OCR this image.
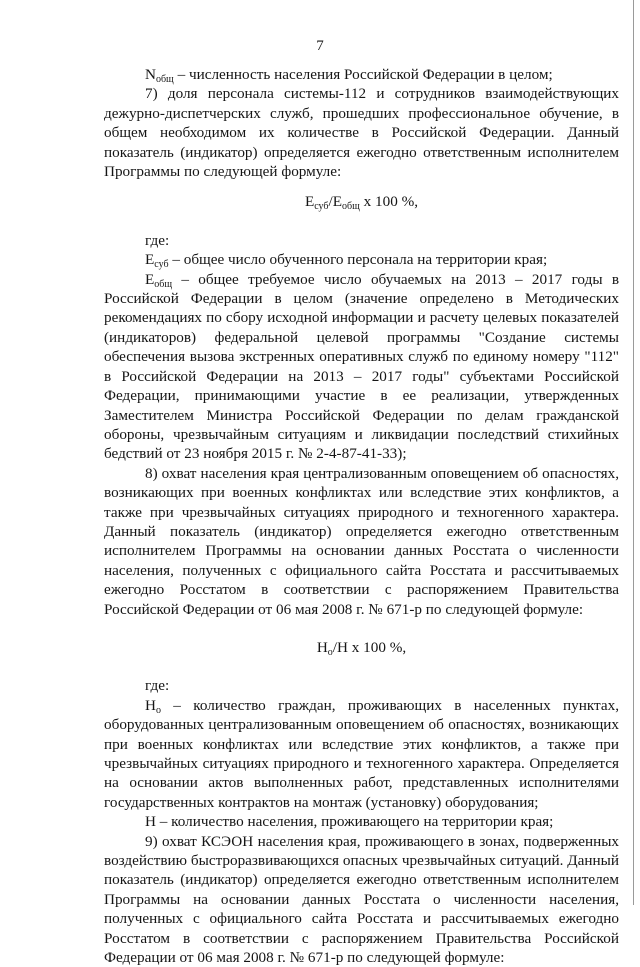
7

$N_{общ}$ – численность населения Российской Федерации в целом;

7) доля персонала системы-112 и сотрудников взаимодействующих дежурно-диспетчерских служб, прошедших профессиональное обучение, в общем необходимом их количестве в Российской Федерации. Данный показатель (индикатор) определяется ежегодно ответственным исполнителем Программы по следующей формуле:

$E_{суб}/E_{общ}$ x 100 %,

где:

$E_{суб}$ – общее число обученного персонала на территории края;

$E_{общ}$ – общее требуемое число обучаемых на 2013 – 2017 годы в Российской Федерации в целом (значение определено в Методических рекомендациях по сбору исходной информации и расчету целевых показателей (индикаторов) федеральной целевой программы "Создание системы обеспечения вызова экстренных оперативных служб по единому номеру "112" в Российской Федерации на 2013 – 2017 годы" субъектами Российской Федерации, принимающими участие в ее реализации, утвержденных Заместителем Министра Российской Федерации по делам гражданской обороны, чрезвычайным ситуациям и ликвидации последствий стихийных бедствий от 23 ноября 2015 г. № 2-4-87-41-33);

8) охват населения края централизованным оповещением об опасностях, возникающих при военных конфликтах или вследствие этих конфликтов, а также при чрезвычайных ситуациях природного и техногенного характера. Данный показатель (индикатор) определяется ежегодно ответственным исполнителем Программы на основании данных Росстата о численности населения, полученных с официального сайта Росстата и рассчитываемых ежегодно Росстатом в соответствии с распоряжением Правительства Российской Федерации от 06 мая 2008 г. № 671-р по следующей формуле:

$Н_о/Н$ x 100 %,

где:

$Н_о$ – количество граждан, проживающих в населенных пунктах, оборудованных централизованным оповещением об опасностях, возникающих при военных конфликтах или вследствие этих конфликтов, а также при чрезвычайных ситуациях природного и техногенного характера. Определяется на основании актов выполненных работ, представленных исполнителями государственных контрактов на монтаж (установку) оборудования;

Н – количество населения, проживающего на территории края;

9) охват КСЭОН населения края, проживающего в зонах, подверженных воздействию быстроразвивающихся опасных чрезвычайных ситуаций. Данный показатель (индикатор) определяется ежегодно ответственным исполнителем Программы на основании данных Росстата о численности населения, полученных с официального сайта Росстата и рассчитываемых ежегодно Росстатом в соответствии с распоряжением Правительства Российской Федерации от 06 мая 2008 г. № 671-р по следующей формуле:
